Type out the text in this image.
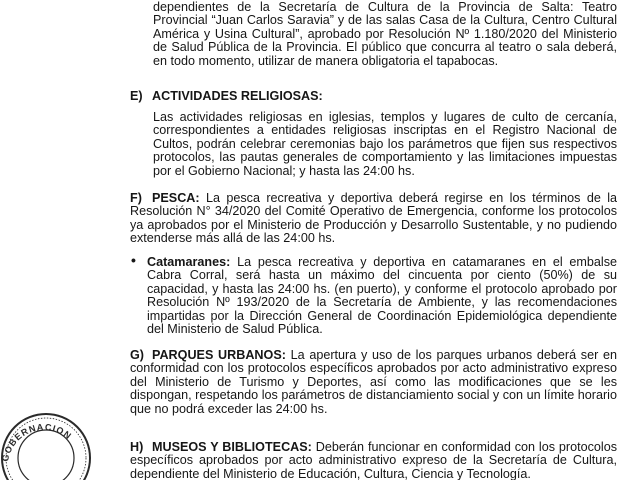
dependientes de la Secretaría de Cultura de la Provincia de Salta: Teatro Provincial “Juan Carlos Saravia” y de las salas Casa de la Cultura, Centro Cultural América y Usina Cultural”, aprobado por Resolución Nº 1.180/2020 del Ministerio de Salud Pública de la Provincia. El público que concurra al teatro o sala deberá, en todo momento, utilizar de manera obligatoria el tapabocas.
E) ACTIVIDADES RELIGIOSAS:
Las actividades religiosas en iglesias, templos y lugares de culto de cercanía, correspondientes a entidades religiosas inscriptas en el Registro Nacional de Cultos, podrán celebrar ceremonias bajo los parámetros que fijen sus respectivos protocolos, las pautas generales de comportamiento y las limitaciones impuestas por el Gobierno Nacional; y hasta las 24:00 hs.
F) PESCA: La pesca recreativa y deportiva deberá regirse en los términos de la Resolución N° 34/2020 del Comité Operativo de Emergencia, conforme los protocolos ya aprobados por el Ministerio de Producción y Desarrollo Sustentable, y no pudiendo extenderse más allá de las 24:00 hs.
• Catamaranes: La pesca recreativa y deportiva en catamaranes en el embalse Cabra Corral, será hasta un máximo del cincuenta por ciento (50%) de su capacidad, y hasta las 24:00 hs. (en puerto), y conforme el protocolo aprobado por Resolución Nº 193/2020 de la Secretaría de Ambiente, y las recomendaciones impartidas por la Dirección General de Coordinación Epidemiológica dependiente del Ministerio de Salud Pública.
G) PARQUES URBANOS: La apertura y uso de los parques urbanos deberá ser en conformidad con los protocolos específicos aprobados por acto administrativo expreso del Ministerio de Turismo y Deportes, así como las modificaciones que se les dispongan, respetando los parámetros de distanciamiento social y con un límite horario que no podrá exceder las 24:00 hs.
H) MUSEOS Y BIBLIOTECAS: Deberán funcionar en conformidad con los protocolos específicos aprobados por acto administrativo expreso de la Secretaría de Cultura, dependiente del Ministerio de Educación, Cultura, Ciencia y Tecnología.
GOBERNACION
